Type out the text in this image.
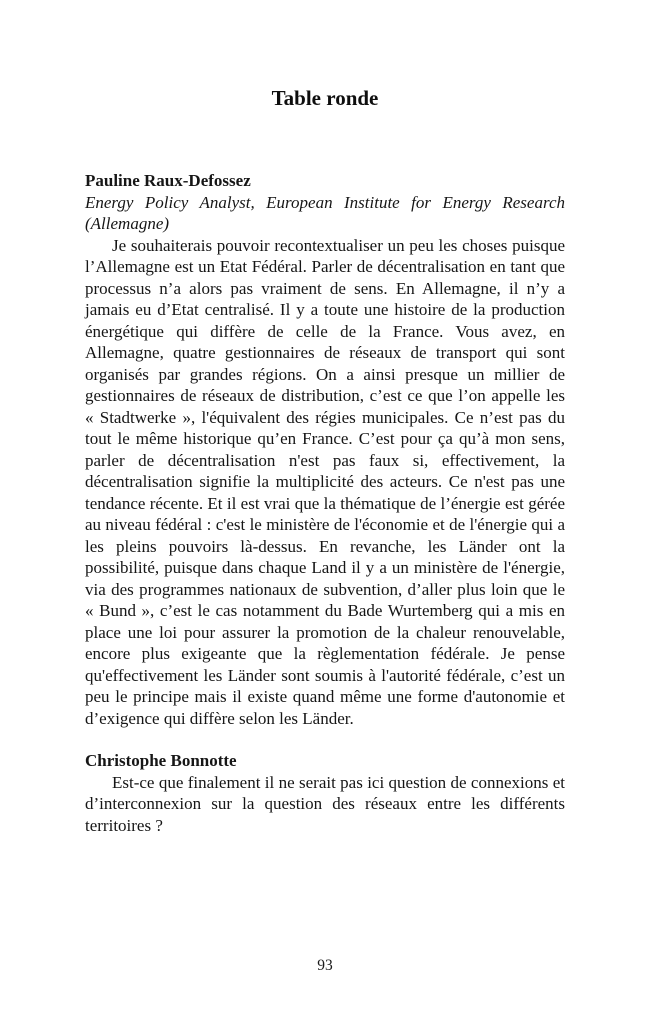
Table ronde

Pauline Raux-Defossez

Energy Policy Analyst, European Institute for Energy Research (Allemagne)

Je souhaiterais pouvoir recontextualiser un peu les choses puisque l’Allemagne est un Etat Fédéral. Parler de décentralisation en tant que processus n’a alors pas vraiment de sens. En Allemagne, il n’y a jamais eu d’Etat centralisé. Il y a toute une histoire de la production énergétique qui diffère de celle de la France. Vous avez, en Allemagne, quatre gestionnaires de réseaux de transport qui sont organisés par grandes régions. On a ainsi presque un millier de gestionnaires de réseaux de distribution, c’est ce que l’on appelle les « Stadtwerke », l'équivalent des régies municipales. Ce n’est pas du tout le même historique qu’en France. C’est pour ça qu’à mon sens, parler de décentralisation n'est pas faux si, effectivement, la décentralisation signifie la multiplicité des acteurs. Ce n'est pas une tendance récente. Et il est vrai que la thématique de l’énergie est gérée au niveau fédéral : c'est le ministère de l'économie et de l'énergie qui a les pleins pouvoirs là-dessus. En revanche, les Länder ont la possibilité, puisque dans chaque Land il y a un ministère de l'énergie, via des programmes nationaux de subvention, d’aller plus loin que le « Bund », c’est le cas notamment du Bade Wurtemberg qui a mis en place une loi pour assurer la promotion de la chaleur renouvelable, encore plus exigeante que la règlementation fédérale. Je pense qu'effectivement les Länder sont soumis à l'autorité fédérale, c’est un peu le principe mais il existe quand même une forme d'autonomie et d’exigence qui diffère selon les Länder.

Christophe Bonnotte

Est-ce que finalement il ne serait pas ici question de connexions et d’interconnexion sur la question des réseaux entre les différents territoires ?

93
